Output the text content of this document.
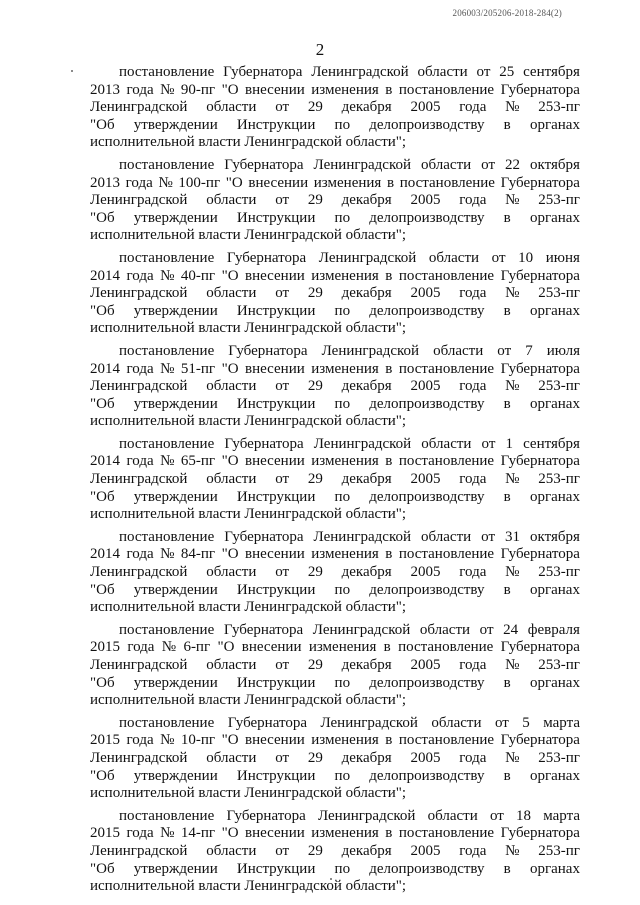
206003/205206-2018-284(2)
2
постановление Губернатора Ленинградской области от 25 сентября
2013 года № 90-пг "О внесении изменения в постановление Губернатора
Ленинградской области от 29 декабря 2005 года № 253-пг
"Об утверждении Инструкции по делопроизводству в органах
исполнительной власти Ленинградской области";
постановление Губернатора Ленинградской области от 22 октября
2013 года № 100-пг "О внесении изменения в постановление Губернатора
Ленинградской области от 29 декабря 2005 года № 253-пг
"Об утверждении Инструкции по делопроизводству в органах
исполнительной власти Ленинградской области";
постановление Губернатора Ленинградской области от 10 июня
2014 года № 40-пг "О внесении изменения в постановление Губернатора
Ленинградской области от 29 декабря 2005 года № 253-пг
"Об утверждении Инструкции по делопроизводству в органах
исполнительной власти Ленинградской области";
постановление Губернатора Ленинградской области от 7 июля
2014 года № 51-пг "О внесении изменения в постановление Губернатора
Ленинградской области от 29 декабря 2005 года № 253-пг
"Об утверждении Инструкции по делопроизводству в органах
исполнительной власти Ленинградской области";
постановление Губернатора Ленинградской области от 1 сентября
2014 года № 65-пг "О внесении изменения в постановление Губернатора
Ленинградской области от 29 декабря 2005 года № 253-пг
"Об утверждении Инструкции по делопроизводству в органах
исполнительной власти Ленинградской области";
постановление Губернатора Ленинградской области от 31 октября
2014 года № 84-пг "О внесении изменения в постановление Губернатора
Ленинградской области от 29 декабря 2005 года № 253-пг
"Об утверждении Инструкции по делопроизводству в органах
исполнительной власти Ленинградской области";
постановление Губернатора Ленинградской области от 24 февраля
2015 года № 6-пг "О внесении изменения в постановление Губернатора
Ленинградской области от 29 декабря 2005 года № 253-пг
"Об утверждении Инструкции по делопроизводству в органах
исполнительной власти Ленинградской области";
постановление Губернатора Ленинградской области от 5 марта
2015 года № 10-пг "О внесении изменения в постановление Губернатора
Ленинградской области от 29 декабря 2005 года № 253-пг
"Об утверждении Инструкции по делопроизводству в органах
исполнительной власти Ленинградской области";
постановление Губернатора Ленинградской области от 18 марта
2015 года № 14-пг "О внесении изменения в постановление Губернатора
Ленинградской области от 29 декабря 2005 года № 253-пг
"Об утверждении Инструкции по делопроизводству в органах
исполнительной власти Ленинградской области";
